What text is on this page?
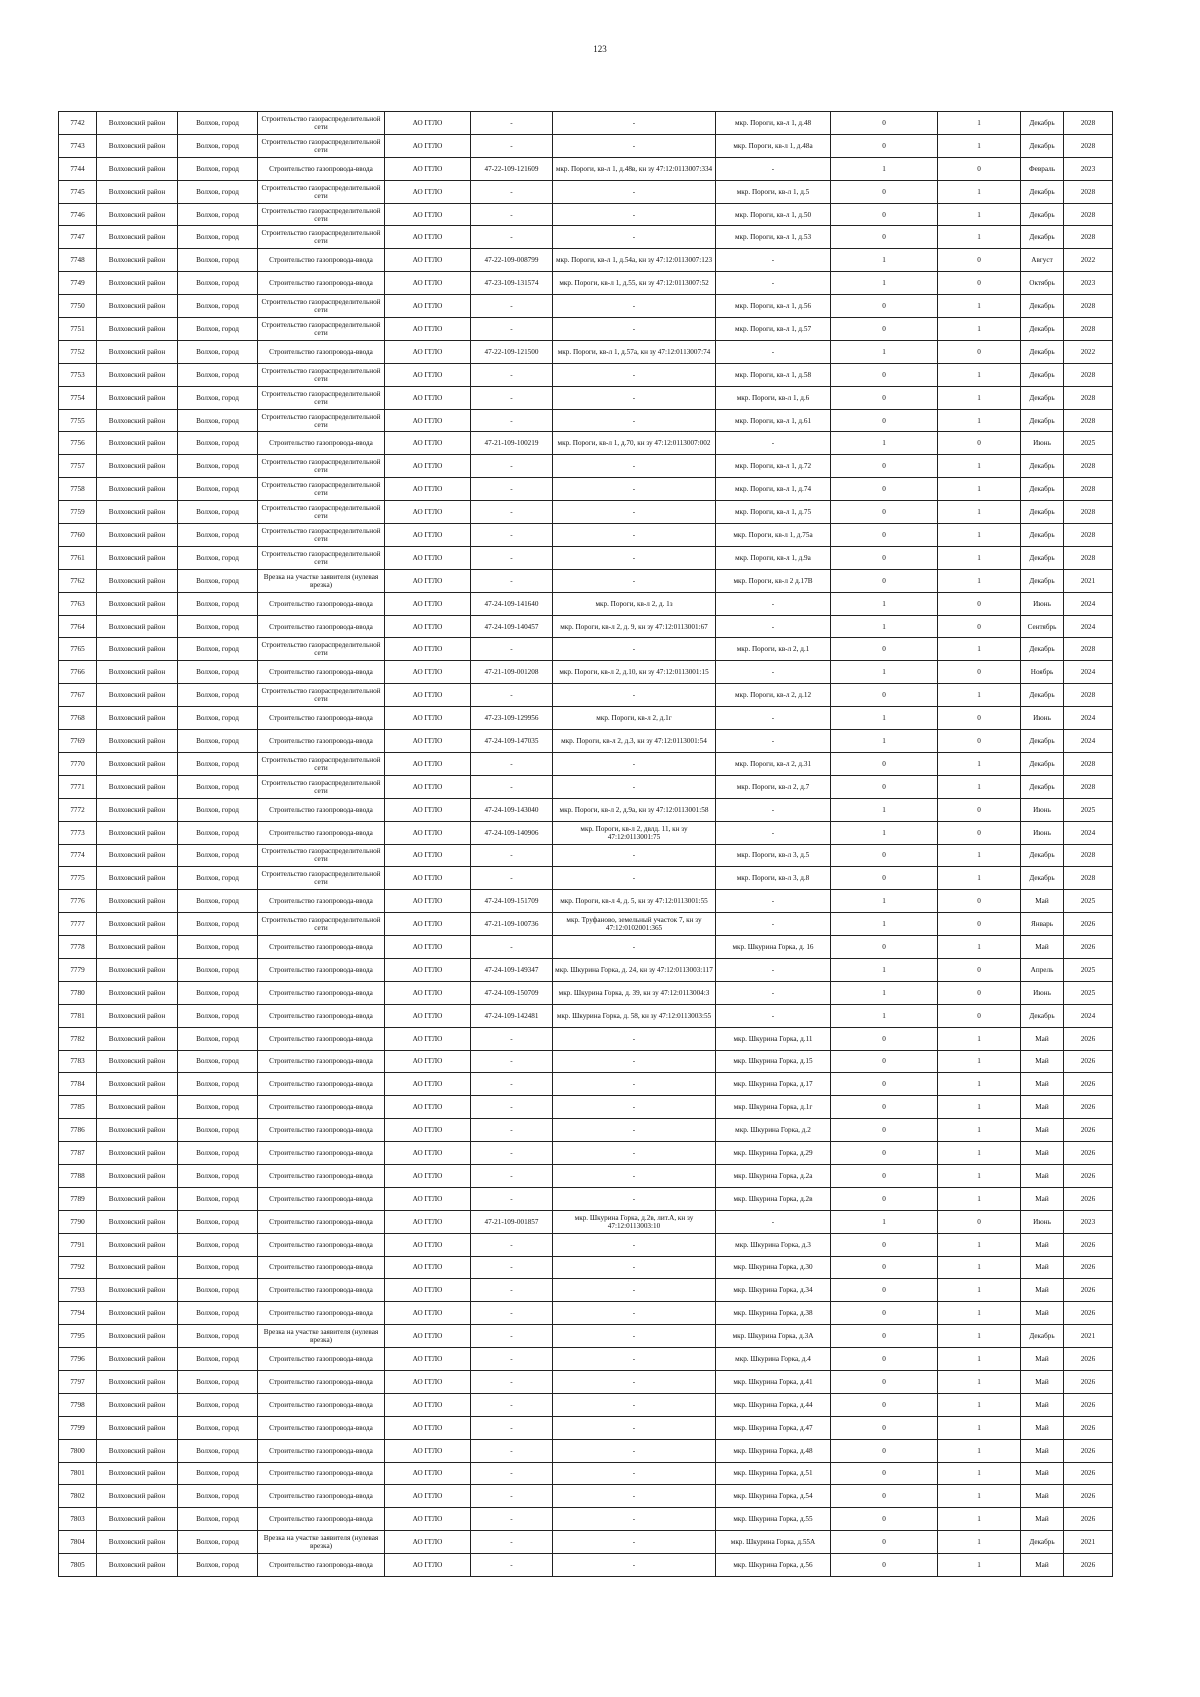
123
7742	Волховский район	Волхов, город	Строительство газораспределительной сети	АО ГГЛО	-	-	мкр. Пороги, кв-л 1, д.48	0	1	Декабрь	2028
7743	Волховский район	Волхов, город	Строительство газораспределительной сети	АО ГГЛО	-	-	мкр. Пороги, кв-л 1, д.48а	0	1	Декабрь	2028
7744	Волховский район	Волхов, город	Строительство газопровода-ввода	АО ГГЛО	47-22-109-121609	мкр. Пороги, кв-л 1, д.48в, кн зу 47:12:0113007:334	-	1	0	Февраль	2023
7745	Волховский район	Волхов, город	Строительство газораспределительной сети	АО ГГЛО	-	-	мкр. Пороги, кв-л 1, д.5	0	1	Декабрь	2028
7746	Волховский район	Волхов, город	Строительство газораспределительной сети	АО ГГЛО	-	-	мкр. Пороги, кв-л 1, д.50	0	1	Декабрь	2028
7747	Волховский район	Волхов, город	Строительство газораспределительной сети	АО ГГЛО	-	-	мкр. Пороги, кв-л 1, д.53	0	1	Декабрь	2028
7748	Волховский район	Волхов, город	Строительство газопровода-ввода	АО ГГЛО	47-22-109-008799	мкр. Пороги, кв-л 1, д.54а, кн зу 47:12:0113007:123	-	1	0	Август	2022
7749	Волховский район	Волхов, город	Строительство газопровода-ввода	АО ГГЛО	47-23-109-131574	мкр. Пороги, кв-л 1, д.55, кн зу 47:12:0113007:52	-	1	0	Октябрь	2023
7750	Волховский район	Волхов, город	Строительство газораспределительной сети	АО ГГЛО	-	-	мкр. Пороги, кв-л 1, д.56	0	1	Декабрь	2028
7751	Волховский район	Волхов, город	Строительство газораспределительной сети	АО ГГЛО	-	-	мкр. Пороги, кв-л 1, д.57	0	1	Декабрь	2028
7752	Волховский район	Волхов, город	Строительство газопровода-ввода	АО ГГЛО	47-22-109-121500	мкр. Пороги, кв-л 1, д.57а, кн зу 47:12:0113007:74	-	1	0	Декабрь	2022
7753	Волховский район	Волхов, город	Строительство газораспределительной сети	АО ГГЛО	-	-	мкр. Пороги, кв-л 1, д.58	0	1	Декабрь	2028
7754	Волховский район	Волхов, город	Строительство газораспределительной сети	АО ГГЛО	-	-	мкр. Пороги, кв-л 1, д.6	0	1	Декабрь	2028
7755	Волховский район	Волхов, город	Строительство газораспределительной сети	АО ГГЛО	-	-	мкр. Пороги, кв-л 1, д.61	0	1	Декабрь	2028
7756	Волховский район	Волхов, город	Строительство газопровода-ввода	АО ГГЛО	47-21-109-100219	мкр. Пороги, кв-л 1, д.70, кн зу 47:12:0113007:002	-	1	0	Июнь	2025
7757	Волховский район	Волхов, город	Строительство газораспределительной сети	АО ГГЛО	-	-	мкр. Пороги, кв-л 1, д.72	0	1	Декабрь	2028
7758	Волховский район	Волхов, город	Строительство газораспределительной сети	АО ГГЛО	-	-	мкр. Пороги, кв-л 1, д.74	0	1	Декабрь	2028
7759	Волховский район	Волхов, город	Строительство газораспределительной сети	АО ГГЛО	-	-	мкр. Пороги, кв-л 1, д.75	0	1	Декабрь	2028
7760	Волховский район	Волхов, город	Строительство газораспределительной сети	АО ГГЛО	-	-	мкр. Пороги, кв-л 1, д.75а	0	1	Декабрь	2028
7761	Волховский район	Волхов, город	Строительство газораспределительной сети	АО ГГЛО	-	-	мкр. Пороги, кв-л 1, д.9а	0	1	Декабрь	2028
7762	Волховский район	Волхов, город	Врезка на участке заявителя (нулевая врезка)	АО ГГЛО	-	-	мкр. Пороги, кв-л 2 д.17В	0	1	Декабрь	2021
7763	Волховский район	Волхов, город	Строительство газопровода-ввода	АО ГГЛО	47-24-109-141640	мкр. Пороги, кв-л 2, д. 1з	-	1	0	Июнь	2024
7764	Волховский район	Волхов, город	Строительство газопровода-ввода	АО ГГЛО	47-24-109-140457	мкр. Пороги, кв-л 2, д. 9, кн зу 47:12:0113001:67	-	1	0	Сентябрь	2024
7765	Волховский район	Волхов, город	Строительство газораспределительной сети	АО ГГЛО	-	-	мкр. Пороги, кв-л 2, д.1	0	1	Декабрь	2028
7766	Волховский район	Волхов, город	Строительство газопровода-ввода	АО ГГЛО	47-21-109-001208	мкр. Пороги, кв-л 2, д.10, кн зу 47:12:0113001:15	-	1	0	Ноябрь	2024
7767	Волховский район	Волхов, город	Строительство газораспределительной сети	АО ГГЛО	-	-	мкр. Пороги, кв-л 2, д.12	0	1	Декабрь	2028
7768	Волховский район	Волхов, город	Строительство газопровода-ввода	АО ГГЛО	47-23-109-129956	мкр. Пороги, кв-л 2, д.1г	-	1	0	Июнь	2024
7769	Волховский район	Волхов, город	Строительство газопровода-ввода	АО ГГЛО	47-24-109-147035	мкр. Пороги, кв-л 2, д.3, кн зу 47:12:0113001:54	-	1	0	Декабрь	2024
7770	Волховский район	Волхов, город	Строительство газораспределительной сети	АО ГГЛО	-	-	мкр. Пороги, кв-л 2, д.31	0	1	Декабрь	2028
7771	Волховский район	Волхов, город	Строительство газораспределительной сети	АО ГГЛО	-	-	мкр. Пороги, кв-л 2, д.7	0	1	Декабрь	2028
7772	Волховский район	Волхов, город	Строительство газопровода-ввода	АО ГГЛО	47-24-109-143040	мкр. Пороги, кв-л 2, д.9а, кн зу 47:12:0113001:58	-	1	0	Июнь	2025
7773	Волховский район	Волхов, город	Строительство газопровода-ввода	АО ГГЛО	47-24-109-140906	мкр. Пороги, кв-л 2, двлд. 11, кн зу 47:12:0113001:75	-	1	0	Июнь	2024
7774	Волховский район	Волхов, город	Строительство газораспределительной сети	АО ГГЛО	-	-	мкр. Пороги, кв-л 3, д.5	0	1	Декабрь	2028
7775	Волховский район	Волхов, город	Строительство газораспределительной сети	АО ГГЛО	-	-	мкр. Пороги, кв-л 3, д.8	0	1	Декабрь	2028
7776	Волховский район	Волхов, город	Строительство газопровода-ввода	АО ГГЛО	47-24-109-151709	мкр. Пороги, кв-л 4, д. 5, кн зу 47:12:0113001:55	-	1	0	Май	2025
7777	Волховский район	Волхов, город	Строительство газораспределительной сети	АО ГГЛО	47-21-109-100736	мкр. Труфаново, земельный участок 7, кн зу 47:12:0102001:365	-	1	0	Январь	2026
7778	Волховский район	Волхов, город	Строительство газопровода-ввода	АО ГГЛО	-	-	мкр. Шкурина Горка, д. 16	0	1	Май	2026
7779	Волховский район	Волхов, город	Строительство газопровода-ввода	АО ГГЛО	47-24-109-149347	мкр. Шкурина Горка, д. 24, кн зу 47:12:0113003:117	-	1	0	Апрель	2025
7780	Волховский район	Волхов, город	Строительство газопровода-ввода	АО ГГЛО	47-24-109-150709	мкр. Шкурина Горка, д. 39, кн зу 47:12:0113004:3	-	1	0	Июнь	2025
7781	Волховский район	Волхов, город	Строительство газопровода-ввода	АО ГГЛО	47-24-109-142481	мкр. Шкурина Горка, д. 58, кн зу 47:12:0113003:55	-	1	0	Декабрь	2024
7782	Волховский район	Волхов, город	Строительство газопровода-ввода	АО ГГЛО	-	-	мкр. Шкурина Горка, д.11	0	1	Май	2026
7783	Волховский район	Волхов, город	Строительство газопровода-ввода	АО ГГЛО	-	-	мкр. Шкурина Горка, д.15	0	1	Май	2026
7784	Волховский район	Волхов, город	Строительство газопровода-ввода	АО ГГЛО	-	-	мкр. Шкурина Горка, д.17	0	1	Май	2026
7785	Волховский район	Волхов, город	Строительство газопровода-ввода	АО ГГЛО	-	-	мкр. Шкурина Горка, д.1г	0	1	Май	2026
7786	Волховский район	Волхов, город	Строительство газопровода-ввода	АО ГГЛО	-	-	мкр. Шкурина Горка, д.2	0	1	Май	2026
7787	Волховский район	Волхов, город	Строительство газопровода-ввода	АО ГГЛО	-	-	мкр. Шкурина Горка, д.29	0	1	Май	2026
7788	Волховский район	Волхов, город	Строительство газопровода-ввода	АО ГГЛО	-	-	мкр. Шкурина Горка, д.2а	0	1	Май	2026
7789	Волховский район	Волхов, город	Строительство газопровода-ввода	АО ГГЛО	-	-	мкр. Шкурина Горка, д.2в	0	1	Май	2026
7790	Волховский район	Волхов, город	Строительство газопровода-ввода	АО ГГЛО	47-21-109-001857	мкр. Шкурина Горка, д.2в, лит.А, кн зу 47:12:0113003:10	-	1	0	Июнь	2023
7791	Волховский район	Волхов, город	Строительство газопровода-ввода	АО ГГЛО	-	-	мкр. Шкурина Горка, д.3	0	1	Май	2026
7792	Волховский район	Волхов, город	Строительство газопровода-ввода	АО ГГЛО	-	-	мкр. Шкурина Горка, д.30	0	1	Май	2026
7793	Волховский район	Волхов, город	Строительство газопровода-ввода	АО ГГЛО	-	-	мкр. Шкурина Горка, д.34	0	1	Май	2026
7794	Волховский район	Волхов, город	Строительство газопровода-ввода	АО ГГЛО	-	-	мкр. Шкурина Горка, д.38	0	1	Май	2026
7795	Волховский район	Волхов, город	Врезка на участке заявителя (нулевая врезка)	АО ГГЛО	-	-	мкр. Шкурина Горка, д.3А	0	1	Декабрь	2021
7796	Волховский район	Волхов, город	Строительство газопровода-ввода	АО ГГЛО	-	-	мкр. Шкурина Горка, д.4	0	1	Май	2026
7797	Волховский район	Волхов, город	Строительство газопровода-ввода	АО ГГЛО	-	-	мкр. Шкурина Горка, д.41	0	1	Май	2026
7798	Волховский район	Волхов, город	Строительство газопровода-ввода	АО ГГЛО	-	-	мкр. Шкурина Горка, д.44	0	1	Май	2026
7799	Волховский район	Волхов, город	Строительство газопровода-ввода	АО ГГЛО	-	-	мкр. Шкурина Горка, д.47	0	1	Май	2026
7800	Волховский район	Волхов, город	Строительство газопровода-ввода	АО ГГЛО	-	-	мкр. Шкурина Горка, д.48	0	1	Май	2026
7801	Волховский район	Волхов, город	Строительство газопровода-ввода	АО ГГЛО	-	-	мкр. Шкурина Горка, д.51	0	1	Май	2026
7802	Волховский район	Волхов, город	Строительство газопровода-ввода	АО ГГЛО	-	-	мкр. Шкурина Горка, д.54	0	1	Май	2026
7803	Волховский район	Волхов, город	Строительство газопровода-ввода	АО ГГЛО	-	-	мкр. Шкурина Горка, д.55	0	1	Май	2026
7804	Волховский район	Волхов, город	Врезка на участке заявителя (нулевая врезка)	АО ГГЛО	-	-	мкр. Шкурина Горка, д.55А	0	1	Декабрь	2021
7805	Волховский район	Волхов, город	Строительство газопровода-ввода	АО ГГЛО	-	-	мкр. Шкурина Горка, д.56	0	1	Май	2026
